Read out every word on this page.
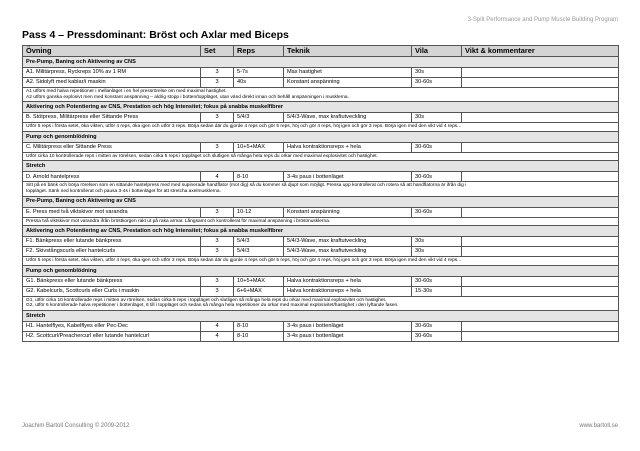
3-Split Performance and Pump Muscle Building Program
Pass 4 – Pressdominant: Bröst och Axlar med Biceps
Övning	Set	Reps	Teknik	Vila	Vikt & kommentarer
Pre-Pump, Baning och Aktivering av CNS					
A1. Militärpress, Ryckreps 10% av 1 RM	3	5-7s	Max hastighet	30s	
A2. Sidolyft med kablar/i maskin	3	40s	Konstant anspänning	30-60s	

A1 utförs med halva repetitioner i mellanläget i en hel pressrörelse om med maximal hastighet.
A2 utförs ganska explosivt men med konstant anspänning – aldrig stopp i botten/toppläget, utan vänd direkt innan och behåll anspänningen i musklerna.					

Aktivering och Potentiering av CNS, Prestation och hög Intensitet; fokus på snabba muskelfibrer					
B. Stötpress, Militärpress eller Sittande Press	3	5/4/3	5/4/3-Wave, max kraftutveckling	30s	

Utför 5 reps i första setet, öka vikten, utför 4 reps, öka igen och utför 3 reps. Börja sedan där du gjorde 4 reps och gör 5 reps, höj och gör 4 reps, höj igen och gör 3 reps. Börja igen med den vikt vid 4 reps...					

Pump och genomblödning					
C. Militärpress eller Sittande Press	3	10+5+MAX	Halva kontraktionsreps + hela	30-60s	

Utför cirka 10 kontrollerade reps i mitten av rörelsen, sedan cirka 5 reps i toppläget och slutligen så många hela reps du orkar med maximal explosivitet och hastighet.					

Stretch					
D. Arnold hantelpress	4	8-10	3-4s paus i bottenläget	30-60s	

Sitt på en bänk och börja rörelsen som en sittande hantelpress med med supinerade handflator (mot dig) så du kommer så djupt som möjligt. Pressa upp kontrollerat och rotera så att handflatorna är ifrån dig i
toppläget. Sänk ned kontrollerat och pausa 3-4s i bottenläget för att stretcha axelmusklerna.					

Pre-Pump, Baning och Aktivering av CNS					
E. Press med två viktskivor mot varandra	3	10-12	Konstant anspänning	30-60s	

Pressa två viktskivor mot varandra ifrån bröstkorgen rakt ut på raka armar. Långsamt och kontrollerat för maximal anspänning i bröstmusklerna.					

Aktivering och Potentiering av CNS, Prestation och hög Intensitet; fokus på snabba muskelfibrer					
F1. Bänkpress eller lutande bänkpress	3	5/4/3	5/4/3-Wave, max kraftutveckling	30s	
F2. Skivstångscurls eller hantelcurls	3	5/4/3	5/4/3-Wave, max kraftutveckling	30s	

Utför 5 reps i första setet, öka vikten, utför 4 reps, öka igen och utför 3 reps. Börja sedan där du gjorde 4 reps och gör 5 reps, höj och gör 4 reps, höj igen och gör 3 reps. Börja igen med den vikt vid 4 reps...					

Pump och genomblödning					
G1. Bänkpress eller lutande bänkpress	3	10+5+MAX	Halva kontraktionsreps + hela	30-60s	
G2. Kabelcurls, Scottcurls eller Curls i maskin	3	6+6+MAX	Halva kontraktionsreps + hela	15-30s	

G1, utför cirka 10 kontrollerade reps i mitten av rörelsen, sedan cirka 5 reps i toppläget och slutligen så många hela reps du orkar med maximal explosivitet och hastighet.
G2, utför 6 kontrollerade halva repetitioner i bottenläget, 6 till i toppläget och sedan så många hela repetitioner du orkar med maximal explosivitet/hastighet i den lyftande fasen.					

Stretch					
H1. Hantelflyes, Kabelflyes eller Pec-Dec	4	8-10	3-4s paus i bottenläget	30-60s	
H2. Scottcurl/Preachercurl eller lutande hantelcurl	4	8-10	3-4s paus i bottenläget	30-60s	
Joachim Bartoll Consulting © 2009-2012	www.bartoll.se
